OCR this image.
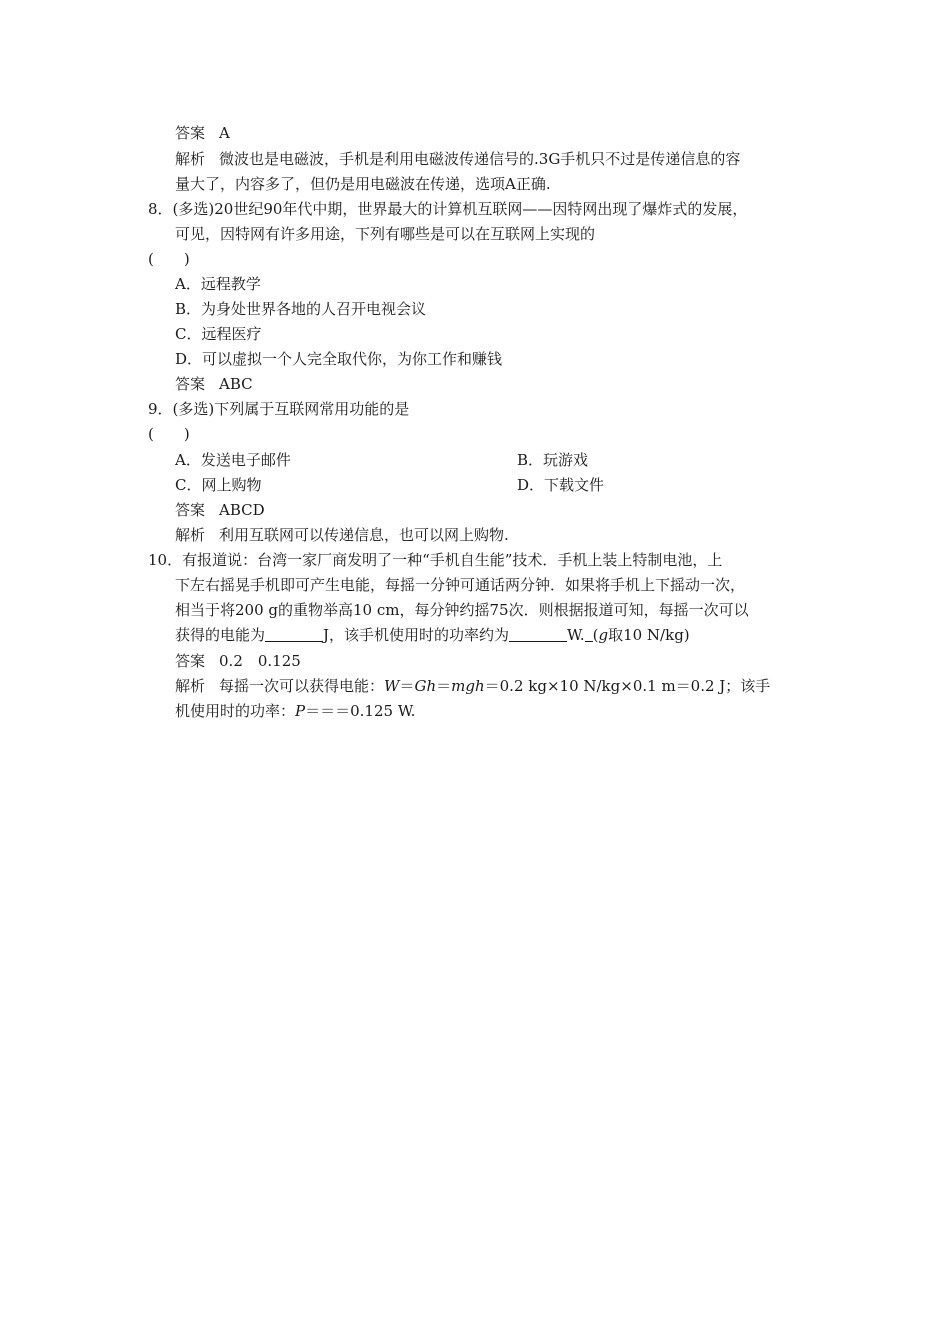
答案 A
解析 微波也是电磁波，手机是利用电磁波传递信号的.3G手机只不过是传递信息的容
量大了，内容多了，但仍是用电磁波在传递，选项A正确.
8．(多选)20世纪90年代中期，世界最大的计算机互联网——因特网出现了爆炸式的发展，
可见，因特网有许多用途，下列有哪些是可以在互联网上实现的
(　　)
A．远程教学
B．为身处世界各地的人召开电视会议
C．远程医疗
D．可以虚拟一个人完全取代你，为你工作和赚钱
答案 ABC
9．(多选)下列属于互联网常用功能的是
(　　)
A．发送电子邮件	B．玩游戏
C．网上购物	D．下载文件
答案 ABCD
解析 利用互联网可以传递信息，也可以网上购物.
10．有报道说：台湾一家厂商发明了一种“手机自生能”技术．手机上装上特制电池，上
下左右摇晃手机即可产生电能，每摇一分钟可通话两分钟．如果将手机上下摇动一次，
相当于将200 g的重物举高10 cm，每分钟约摇75次．则根据报道可知，每摇一次可以
获得的电能为	J，该手机使用时的功率约为	W. (g取10 N/kg)
答案 0.2　0.125
解析 每摇一次可以获得电能：W＝Gh＝mgh＝0.2 kg×10 N/kg×0.1 m＝0.2 J；该手
机使用时的功率：P＝＝＝0.125 W.
